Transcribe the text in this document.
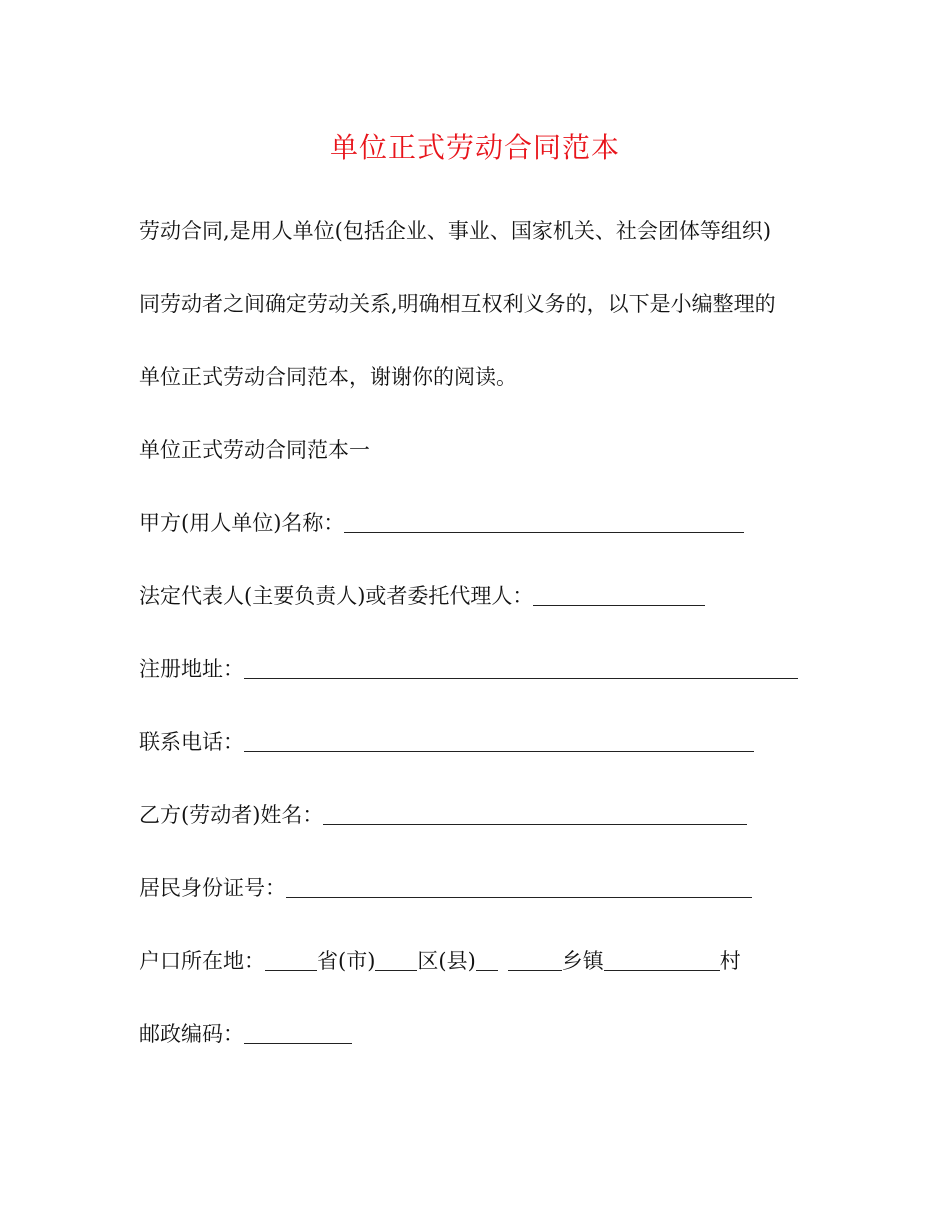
单位正式劳动合同范本
劳动合同,是用人单位(包括企业、事业、国家机关、社会团体等组织)
同劳动者之间确定劳动关系,明确相互权利义务的，以下是小编整理的
单位正式劳动合同范本，谢谢你的阅读。
单位正式劳动合同范本一
甲方(用人单位)名称：
法定代表人(主要负责人)或者委托代理人：
注册地址：
联系电话：
乙方(劳动者)姓名：
居民身份证号：
户口所在地： 省(市) 区(县)	乡镇	村
邮政编码：
